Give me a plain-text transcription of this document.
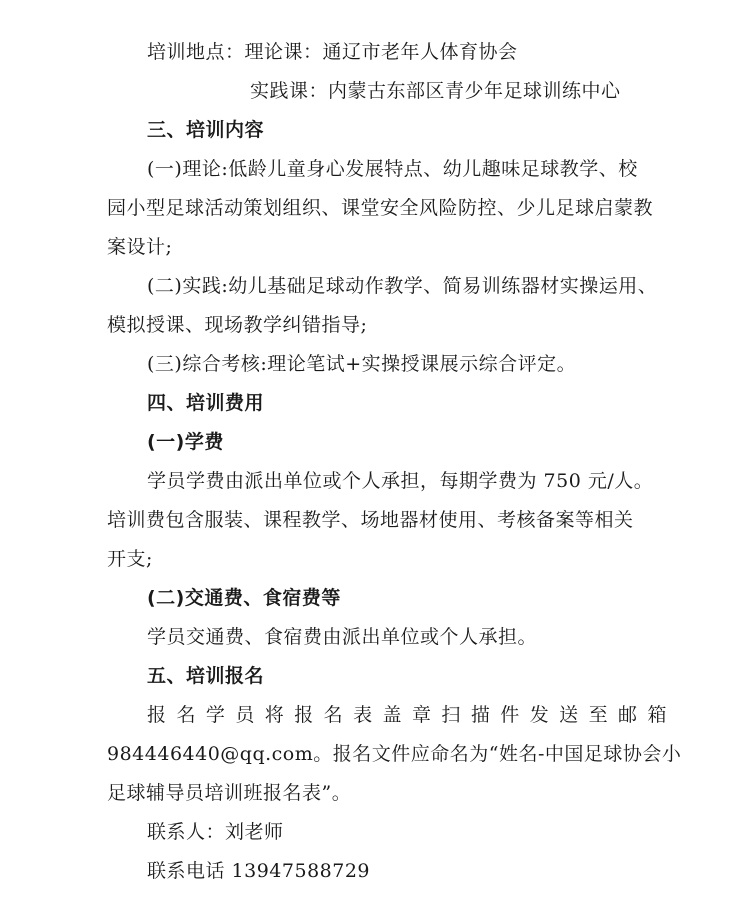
培训地点：理论课：通辽市老年人体育协会
实践课：内蒙古东部区青少年足球训练中心
三、培训内容
(一)理论:低龄儿童身心发展特点、幼儿趣味足球教学、校
园小型足球活动策划组织、课堂安全风险防控、少儿足球启蒙教
案设计;
(二)实践:幼儿基础足球动作教学、简易训练器材实操运用、
模拟授课、现场教学纠错指导;
(三)综合考核:理论笔试+实操授课展示综合评定。
四、培训费用
(一)学费
学员学费由派出单位或个人承担，每期学费为 750 元/人。
培训费包含服装、课程教学、场地器材使用、考核备案等相关
开支;
(二)交通费、食宿费等
学员交通费、食宿费由派出单位或个人承担。
五、培训报名
报名学员将报名表盖章扫描件发送至邮箱
984446440@qq.com。报名文件应命名为“姓名-中国足球协会小
足球辅导员培训班报名表”。
联系人：刘老师
联系电话 13947588729
